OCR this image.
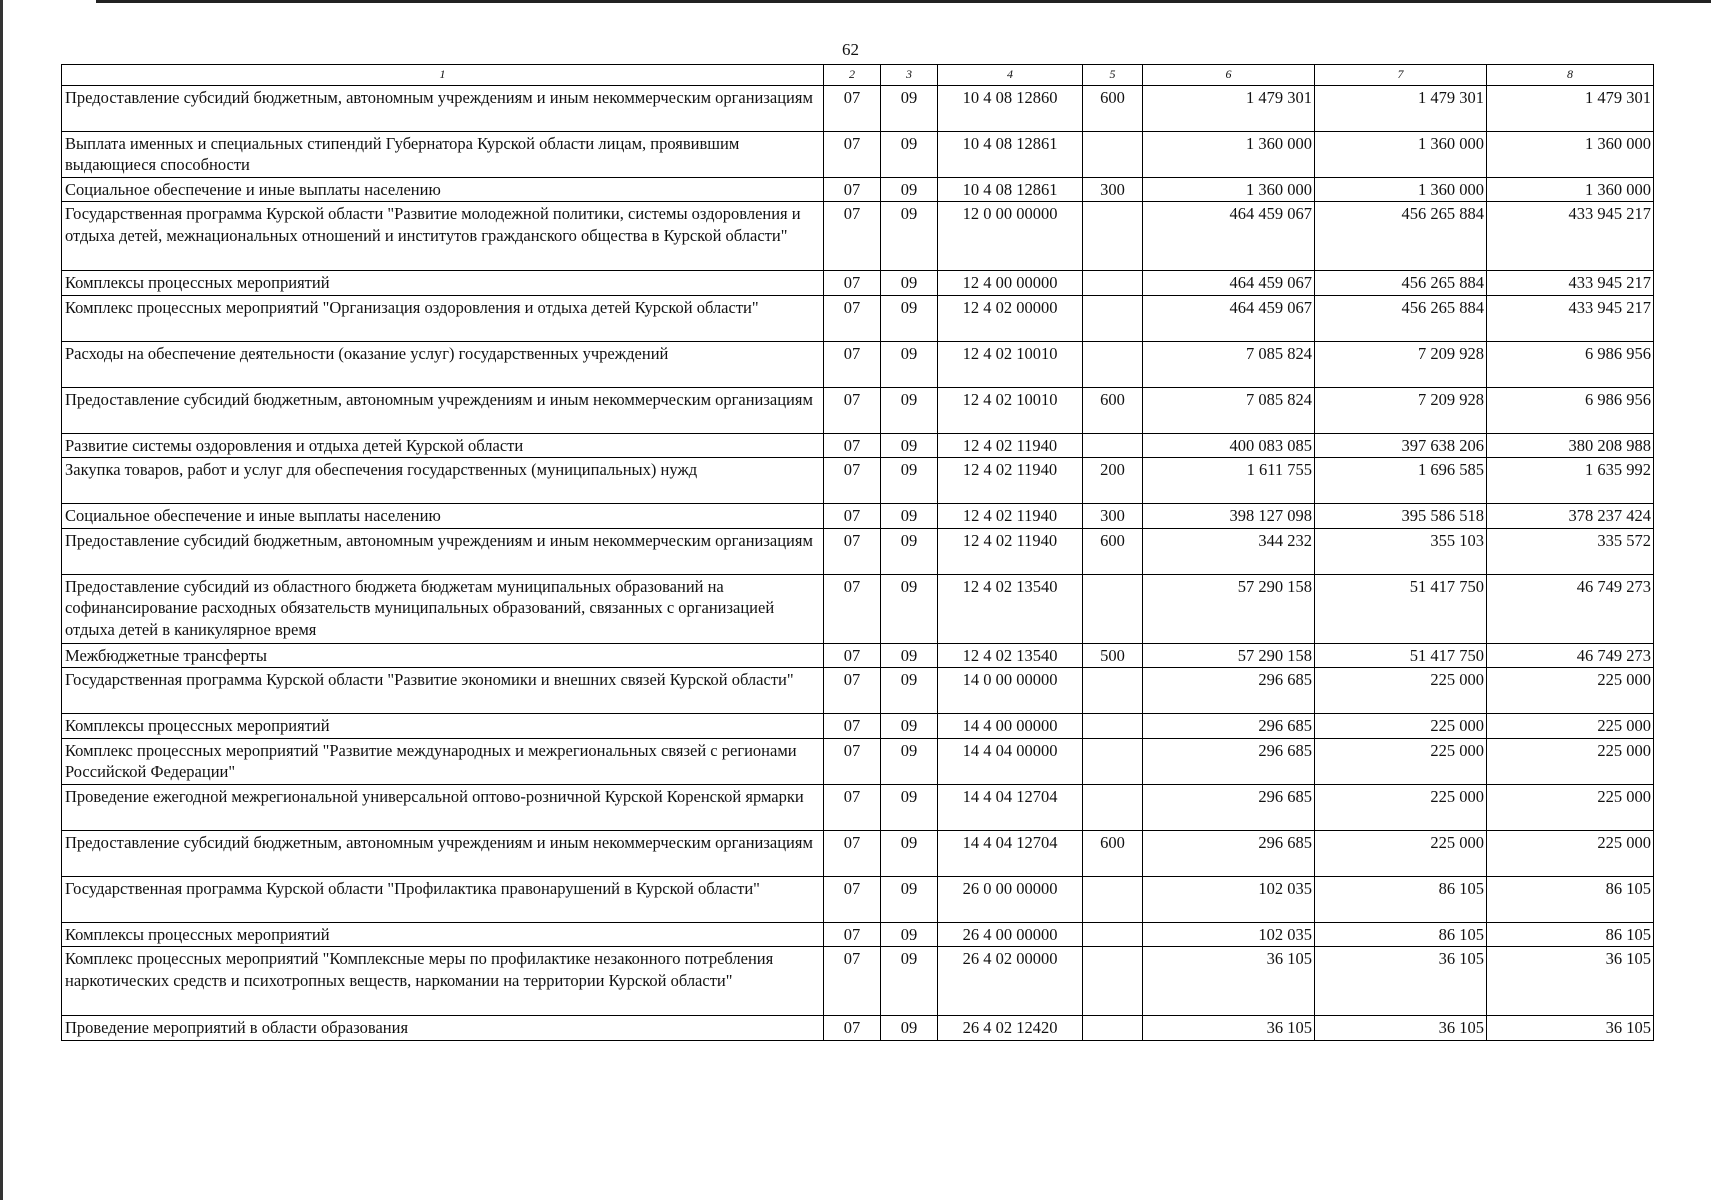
62
1	2	3	4	5	6	7	8
Предоставление субсидий бюджетным, автономным учреждениям и иным некоммерческим организациям	07	09	10 4 08 12860	600	1 479 301	1 479 301	1 479 301
Выплата именных и специальных стипендий Губернатора Курской области лицам, проявившим выдающиеся способности	07	09	10 4 08 12861		1 360 000	1 360 000	1 360 000
Социальное обеспечение и иные выплаты населению	07	09	10 4 08 12861	300	1 360 000	1 360 000	1 360 000
Государственная программа Курской области "Развитие молодежной политики, системы оздоровления и отдыха детей, межнациональных отношений и институтов гражданского общества в Курской области"	07	09	12 0 00 00000		464 459 067	456 265 884	433 945 217
Комплексы процессных мероприятий	07	09	12 4 00 00000		464 459 067	456 265 884	433 945 217
Комплекс процессных мероприятий "Организация оздоровления и отдыха детей Курской области"	07	09	12 4 02 00000		464 459 067	456 265 884	433 945 217
Расходы на обеспечение деятельности (оказание услуг) государственных учреждений	07	09	12 4 02 10010		7 085 824	7 209 928	6 986 956
Предоставление субсидий бюджетным, автономным учреждениям и иным некоммерческим организациям	07	09	12 4 02 10010	600	7 085 824	7 209 928	6 986 956
Развитие системы оздоровления и отдыха детей Курской области	07	09	12 4 02 11940		400 083 085	397 638 206	380 208 988
Закупка товаров, работ и услуг для обеспечения государственных (муниципальных) нужд	07	09	12 4 02 11940	200	1 611 755	1 696 585	1 635 992
Социальное обеспечение и иные выплаты населению	07	09	12 4 02 11940	300	398 127 098	395 586 518	378 237 424
Предоставление субсидий бюджетным, автономным учреждениям и иным некоммерческим организациям	07	09	12 4 02 11940	600	344 232	355 103	335 572
Предоставление субсидий из областного бюджета бюджетам муниципальных образований на софинансирование расходных обязательств муниципальных образований, связанных с организацией отдыха детей в каникулярное время	07	09	12 4 02 13540		57 290 158	51 417 750	46 749 273
Межбюджетные трансферты	07	09	12 4 02 13540	500	57 290 158	51 417 750	46 749 273
Государственная программа Курской области "Развитие экономики и внешних связей Курской области"	07	09	14 0 00 00000		296 685	225 000	225 000
Комплексы процессных мероприятий	07	09	14 4 00 00000		296 685	225 000	225 000
Комплекс процессных мероприятий "Развитие международных и межрегиональных связей с регионами Российской Федерации"	07	09	14 4 04 00000		296 685	225 000	225 000
Проведение ежегодной межрегиональной универсальной оптово-розничной Курской Коренской ярмарки	07	09	14 4 04 12704		296 685	225 000	225 000
Предоставление субсидий бюджетным, автономным учреждениям и иным некоммерческим организациям	07	09	14 4 04 12704	600	296 685	225 000	225 000
Государственная программа Курской области "Профилактика правонарушений в Курской области"	07	09	26 0 00 00000		102 035	86 105	86 105
Комплексы процессных мероприятий	07	09	26 4 00 00000		102 035	86 105	86 105
Комплекс процессных мероприятий "Комплексные меры по профилактике незаконного потребления наркотических средств и психотропных веществ, наркомании на территории Курской области"	07	09	26 4 02 00000		36 105	36 105	36 105
Проведение мероприятий в области образования	07	09	26 4 02 12420		36 105	36 105	36 105
